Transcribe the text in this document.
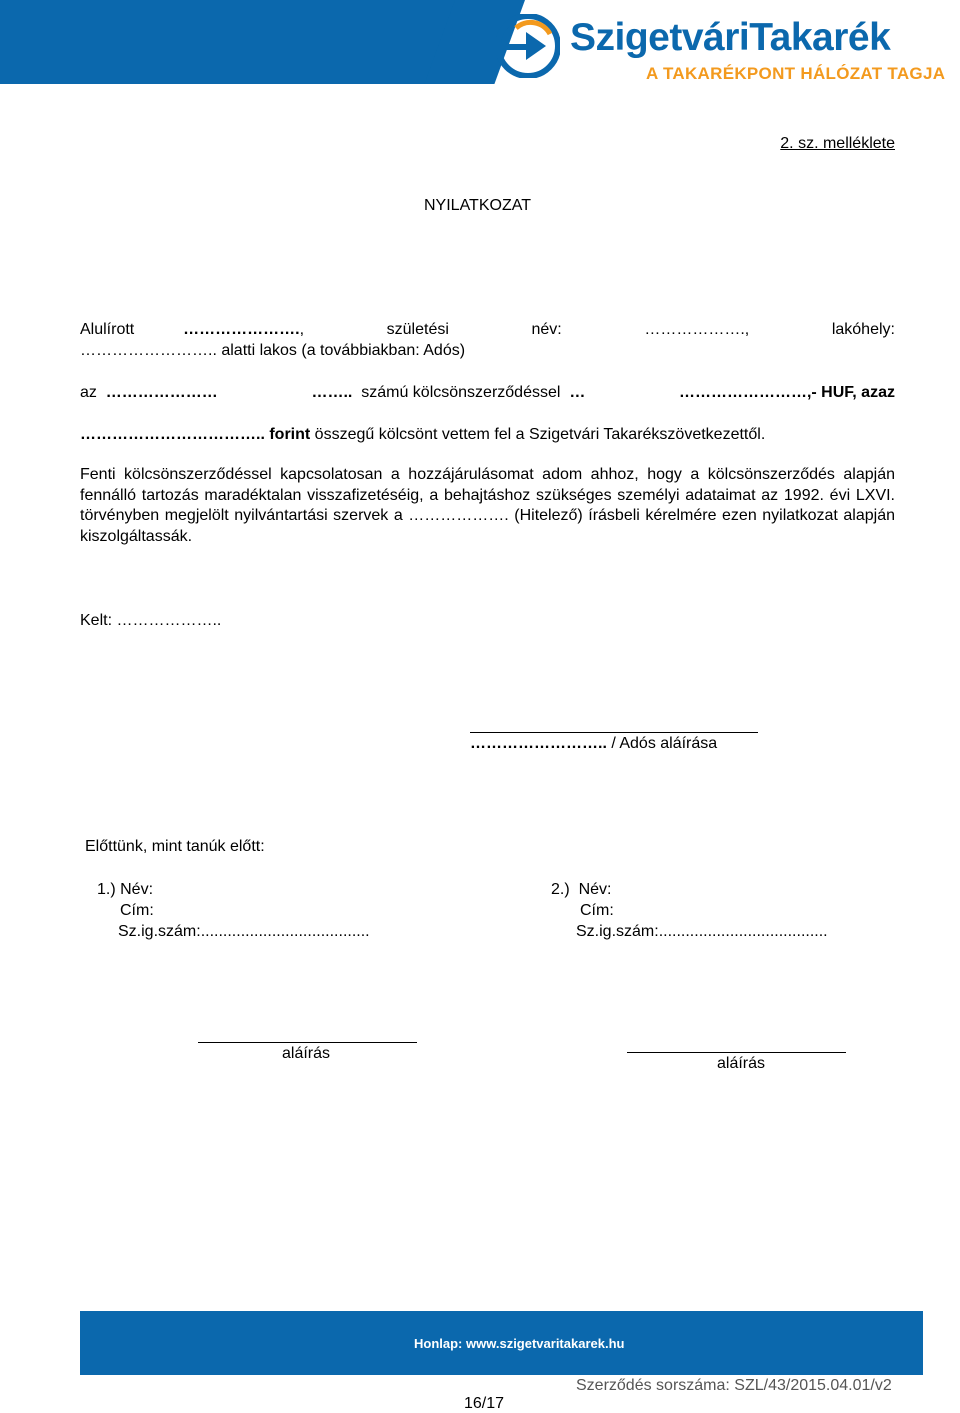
SzigetváriTakarék
A TAKARÉKPONT HÁLÓZAT TAGJA
2. sz. melléklete
NYILATKOZAT
Alulírott	………………….,	születési	név:	……………….,	lakóhely:
…………………….. alatti lakos (a továbbiakban: Adós)
az …………………	…….. számú kölcsönszerződéssel …	……………………,- HUF, azaz
…………………………….. forint összegű kölcsönt vettem fel a Szigetvári Takarékszövetkezettől.
Fenti kölcsönszerződéssel kapcsolatosan a hozzájárulásomat adom ahhoz, hogy a kölcsönszerződés alapján fennálló tartozás maradéktalan visszafizetéséig, a behajtáshoz szükséges személyi adataimat az 1992. évi LXVI. törvényben megjelölt nyilvántartási szervek a ………………. (Hitelező) írásbeli kérelmére ezen nyilatkozat alapján kiszolgáltassák.
Kelt: ………………..
…………………….. / Adós aláírása
Előttünk, mint tanúk előtt:
1.) Név:
Cím:
Sz.ig.szám:......................................
2.) Név:
Cím:
Sz.ig.szám:......................................
aláírás
aláírás
Honlap: www.szigetvaritakarek.hu
16/17
Szerződés sorszáma: SZL/43/2015.04.01/v2
